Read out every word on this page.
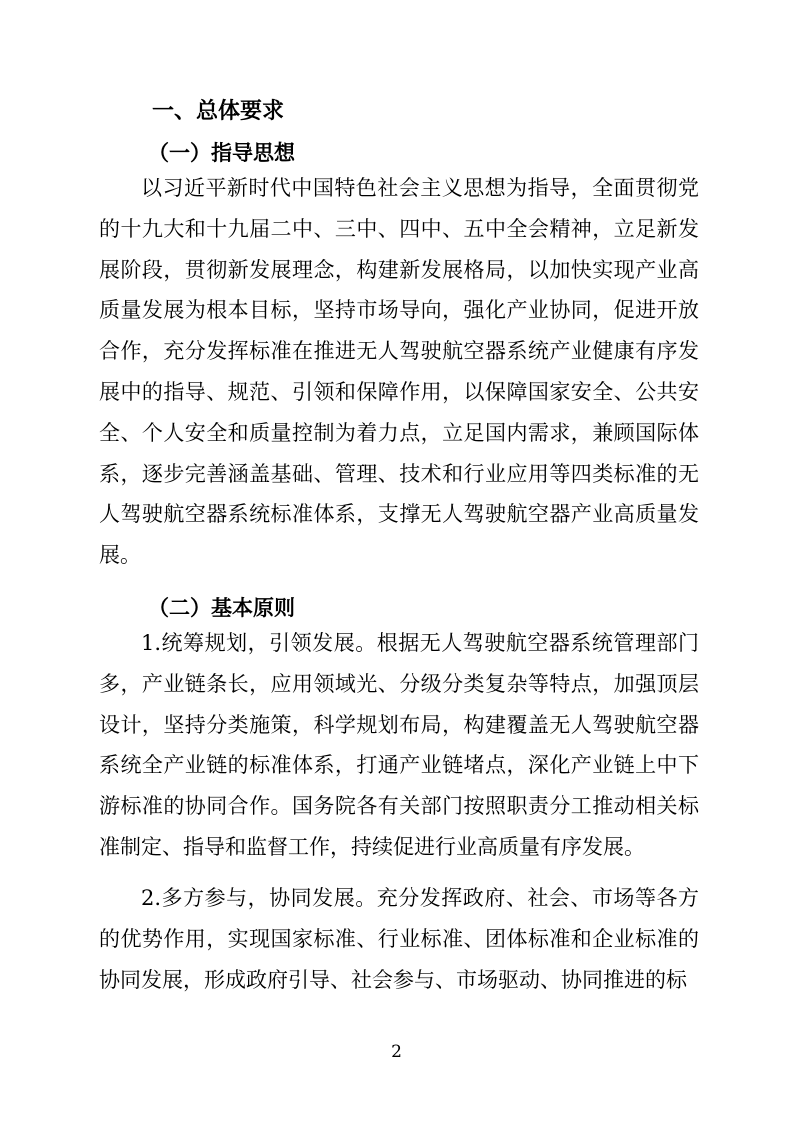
一、总体要求
（一）指导思想

以习近平新时代中国特色社会主义思想为指导，全面贯彻党的十九大和十九届二中、三中、四中、五中全会精神，立足新发展阶段，贯彻新发展理念，构建新发展格局，以加快实现产业高质量发展为根本目标，坚持市场导向，强化产业协同，促进开放合作，充分发挥标准在推进无人驾驶航空器系统产业健康有序发展中的指导、规范、引领和保障作用，以保障国家安全、公共安全、个人安全和质量控制为着力点，立足国内需求，兼顾国际体系，逐步完善涵盖基础、管理、技术和行业应用等四类标准的无人驾驶航空器系统标准体系，支撑无人驾驶航空器产业高质量发展。

（二）基本原则

1.统筹规划，引领发展。根据无人驾驶航空器系统管理部门多，产业链条长，应用领域光、分级分类复杂等特点，加强顶层设计，坚持分类施策，科学规划布局，构建覆盖无人驾驶航空器系统全产业链的标准体系，打通产业链堵点，深化产业链上中下游标准的协同合作。国务院各有关部门按照职责分工推动相关标准制定、指导和监督工作，持续促进行业高质量有序发展。

2.多方参与，协同发展。充分发挥政府、社会、市场等各方的优势作用，实现国家标准、行业标准、团体标准和企业标准的协同发展，形成政府引导、社会参与、市场驱动、协同推进的标

2
